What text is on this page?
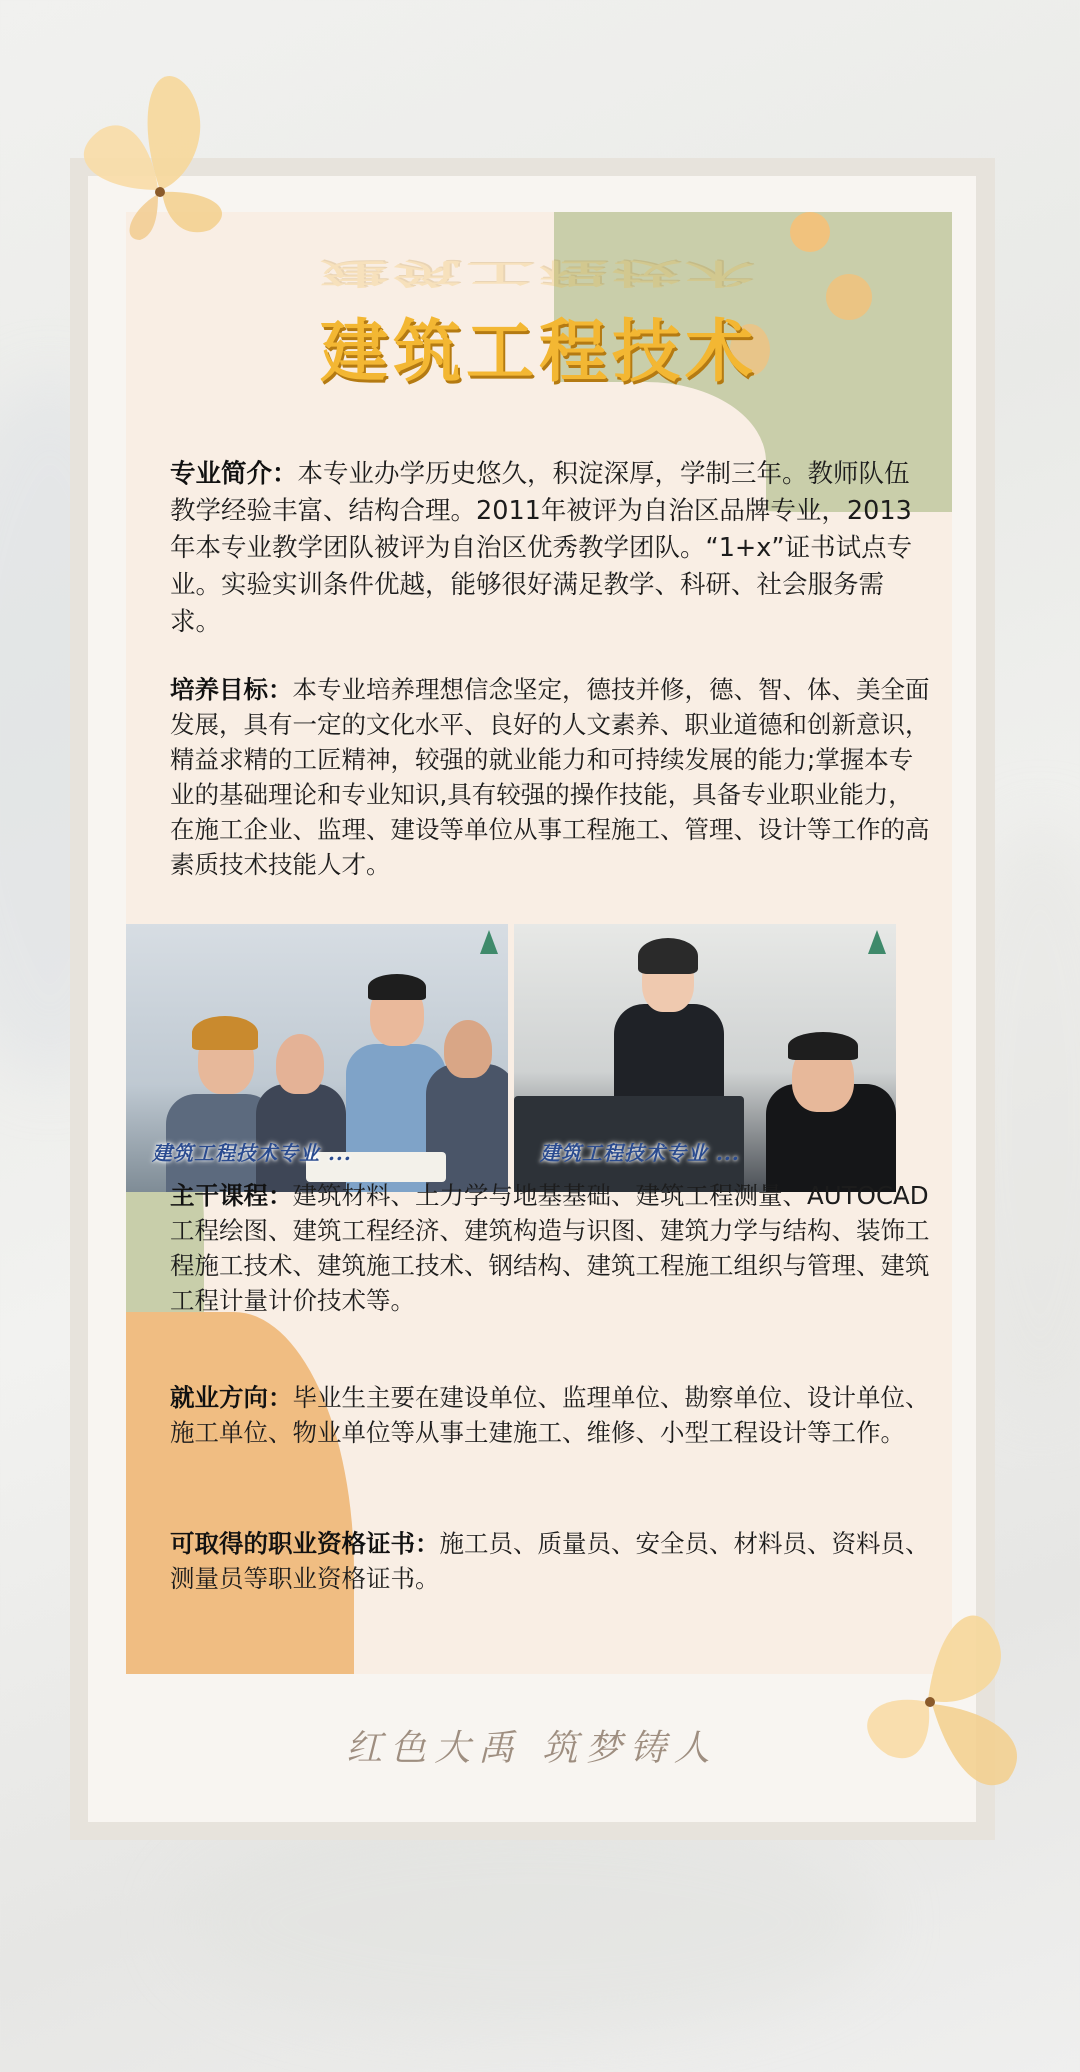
建筑工程技术
建筑工程技术
专业简介：本专业办学历史悠久，积淀深厚，学制三年。教师队伍教学经验丰富、结构合理。2011年被评为自治区品牌专业，2013年本专业教学团队被评为自治区优秀教学团队。“1+x”证书试点专业。实验实训条件优越，能够很好满足教学、科研、社会服务需求。
培养目标：本专业培养理想信念坚定，德技并修，德、智、体、美全面发展，具有一定的文化水平、良好的人文素养、职业道德和创新意识，精益求精的工匠精神，较强的就业能力和可持续发展的能力;掌握本专业的基础理论和专业知识,具有较强的操作技能，具备专业职业能力，在施工企业、监理、建设等单位从事工程施工、管理、设计等工作的高素质技术技能人才。
建筑工程技术专业 ...	建筑工程技术专业 ...
主干课程：建筑材料、土力学与地基基础、建筑工程测量、AUTOCAD工程绘图、建筑工程经济、建筑构造与识图、建筑力学与结构、装饰工程施工技术、建筑施工技术、钢结构、建筑工程施工组织与管理、建筑工程计量计价技术等。
就业方向：毕业生主要在建设单位、监理单位、勘察单位、设计单位、施工单位、物业单位等从事土建施工、维修、小型工程设计等工作。
可取得的职业资格证书：施工员、质量员、安全员、材料员、资料员、测量员等职业资格证书。
红色大禹 筑梦铸人
